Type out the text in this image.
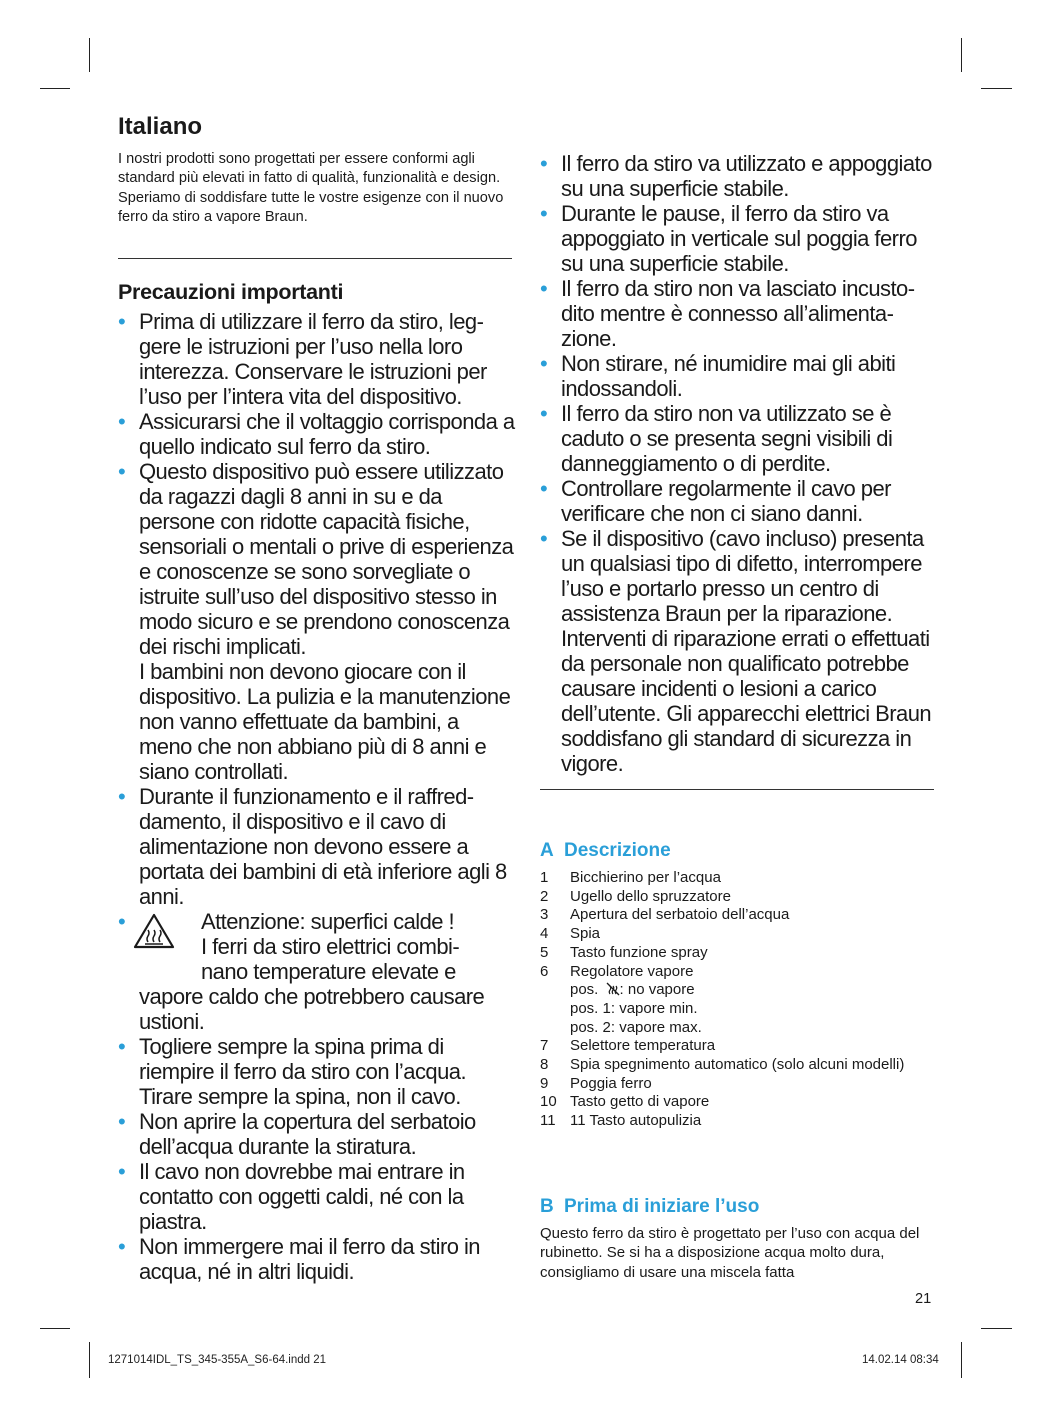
Italiano

I nostri prodotti sono progettati per essere conformi agli standard più elevati in fatto di qualità, funzionalità e design. Speriamo di soddisfare tutte le vostre esigenze con il nuovo ferro da stiro a vapore Braun.

Precauzioni importanti
• Prima di utilizzare il ferro da stiro, leggere le istruzioni per l’uso nella loro interezza. Conservare le istruzioni per l’uso per l’intera vita del dispositivo.
• Assicurarsi che il voltaggio corrisponda a quello indicato sul ferro da stiro.
• Questo dispositivo può essere utilizzato da ragazzi dagli 8 anni in su e da persone con ridotte capacità fisiche, sensoriali o mentali o prive di esperienza e conoscenze se sono sorvegliate o istruite sull’uso del dispositivo stesso in modo sicuro e se prendono conoscenza dei rischi implicati.
I bambini non devono giocare con il dispositivo. La pulizia e la manutenzione non vanno effettuate da bambini, a meno che non abbiano più di 8 anni e siano controllati.
• Durante il funzionamento e il raffreddamento, il dispositivo e il cavo di alimentazione non devono essere a portata dei bambini di età inferiore agli 8 anni.
•	Attenzione: superfici calde !
I ferri da stiro elettrici combi-
nano temperature elevate e
vapore caldo che potrebbero causare ustioni.
• Togliere sempre la spina prima di riempire il ferro da stiro con l’acqua. Tirare sempre la spina, non il cavo.
• Non aprire la copertura del serbatoio dell’acqua durante la stiratura.
• Il cavo non dovrebbe mai entrare in contatto con oggetti caldi, né con la piastra.
• Non immergere mai il ferro da stiro in acqua, né in altri liquidi.
• Il ferro da stiro va utilizzato e appoggiato su una superficie stabile.
• Durante le pause, il ferro da stiro va appoggiato in verticale sul poggia ferro su una superficie stabile.
• Il ferro da stiro non va lasciato incustodito mentre è connesso all’alimentazione.
• Non stirare, né inumidire mai gli abiti indossandoli.
• Il ferro da stiro non va utilizzato se è caduto o se presenta segni visibili di danneggiamento o di perdite.
• Controllare regolarmente il cavo per verificare che non ci siano danni.
• Se il dispositivo (cavo incluso) presenta un qualsiasi tipo di difetto, interrompere l’uso e portarlo presso un centro di assistenza Braun per la riparazione. Interventi di riparazione errati o effettuati da personale non qualificato potrebbe causare incidenti o lesioni a carico dell’utente. Gli apparecchi elettrici Braun soddisfano gli standard di sicurezza in vigore.
A Descrizione
1 Bicchierino per l’acqua
2 Ugello dello spruzzatore
3 Apertura del serbatoio dell’acqua
4 Spia
5 Tasto funzione spray
6 Regolatore vapore
pos. : no vapore
pos. 1: vapore min.
pos. 2: vapore max.
7 Selettore temperatura
8 Spia spegnimento automatico (solo alcuni modelli)
9 Poggia ferro
10 Tasto getto di vapore
11 11 Tasto autopulizia
B Prima di iniziare l’uso

Questo ferro da stiro è progettato per l’uso con acqua del rubinetto. Se si ha a disposizione acqua molto dura, consigliamo di usare una miscela fatta

21
1271014IDL_TS_345-355A_S6-64.indd 21	14.02.14 08:34
